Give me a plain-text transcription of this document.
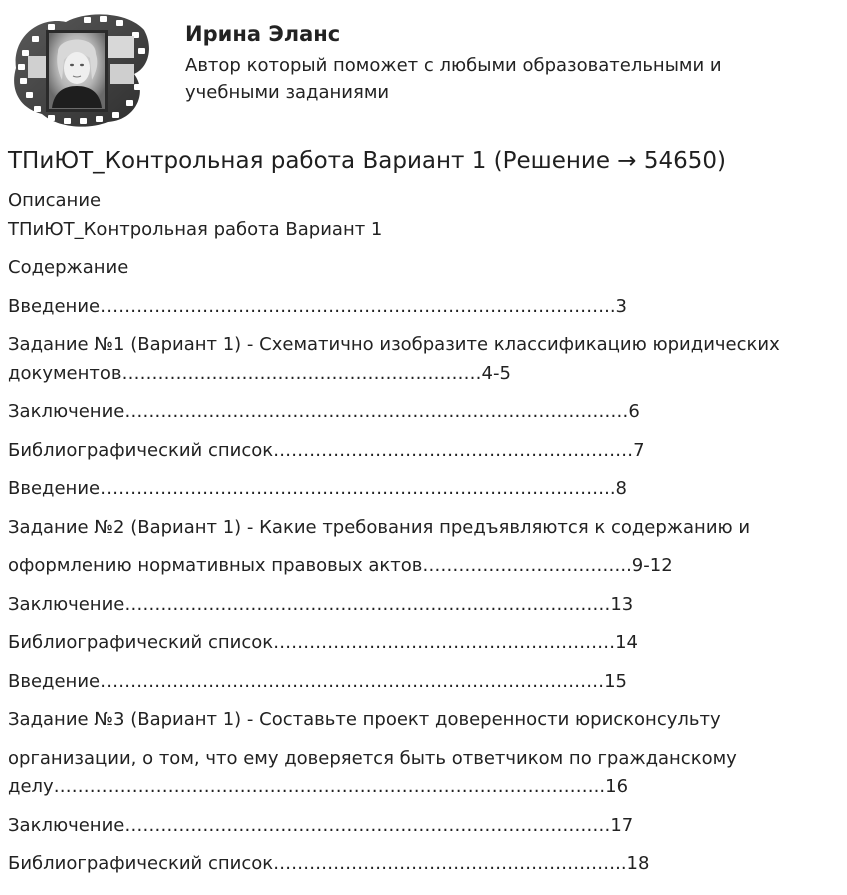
Ирина Эланс
Автор который поможет с любыми образовательными и
учебными заданиями
ТПиЮТ_Контрольная работа Вариант 1 (Решение → 54650)
Описание
ТПиЮТ_Контрольная работа Вариант 1
Содержание
Введение…………………………………………………………………………..3
Задание №1 (Вариант 1) - Схематично изобразите классификацию юридических
документов……………………………………………………4-5
Заключение…………………………………………………………………………6
Библиографический список……………………………………………………7
Введение…………………………………………………………………………..8
Задание №2 (Вариант 1) - Какие требования предъявляются к содержанию и
оформлению нормативных правовых актов……………………………..9-12
Заключение………………………………………………………………………13
Библиографический список…………………………………………………14
Введение…………………………………………………………………………15
Задание №3 (Вариант 1) - Составьте проект доверенности юрисконсульту
организации, о том, что ему доверяется быть ответчиком по гражданскому
делу………………………………………………………………………………..16
Заключение………………………………………………………………………17
Библиографический список…………………………………………………..18
